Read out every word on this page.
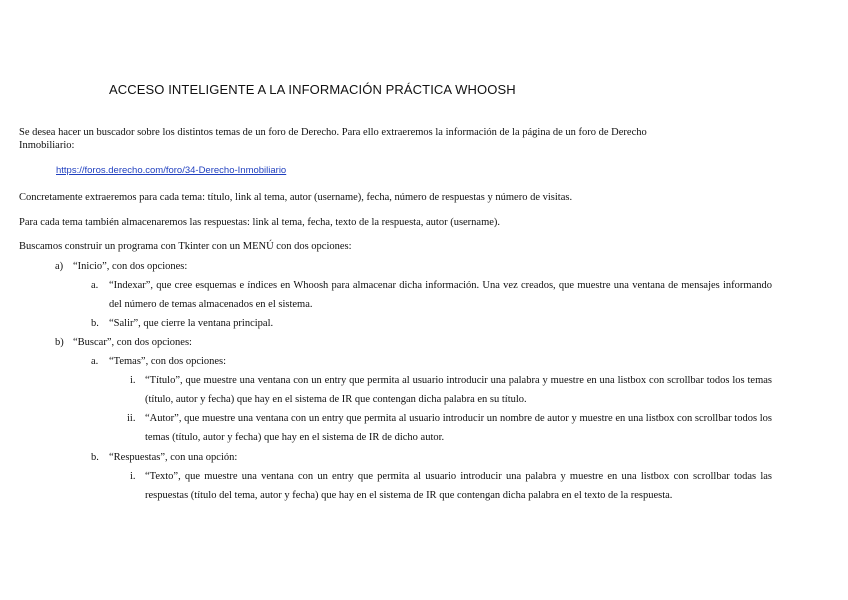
ACCESO INTELIGENTE A LA INFORMACIÓN PRÁCTICA WHOOSH
Se desea hacer un buscador sobre los distintos temas de un foro de Derecho. Para ello extraeremos la información de la página de un foro de Derecho
Inmobiliario:
https://foros.derecho.com/foro/34-Derecho-Inmobiliario
Concretamente extraeremos para cada tema: título, link al tema, autor (username), fecha, número de respuestas y número de visitas.
Para cada tema también almacenaremos las respuestas: link al tema, fecha, texto de la respuesta, autor (username).
Buscamos construir un programa con Tkinter con un MENÚ con dos opciones:
a) “Inicio”, con dos opciones:
a. “Indexar”, que cree esquemas e índices en Whoosh para almacenar dicha información. Una vez creados, que muestre una ventana de mensajes informando del número de temas almacenados en el sistema.
b. “Salir”, que cierre la ventana principal.
b) “Buscar”, con dos opciones:
a. “Temas”, con dos opciones:
i. “Título”, que muestre una ventana con un entry que permita al usuario introducir una palabra y muestre en una listbox con scrollbar todos los temas (título, autor y fecha) que hay en el sistema de IR que contengan dicha palabra en su título.
ii. “Autor”, que muestre una ventana con un entry que permita al usuario introducir un nombre de autor y muestre en una listbox con scrollbar todos los temas (título, autor y fecha) que hay en el sistema de IR de dicho autor.
b. “Respuestas”, con una opción:
i. “Texto”, que muestre una ventana con un entry que permita al usuario introducir una palabra y muestre en una listbox con scrollbar todas las respuestas (título del tema, autor y fecha) que hay en el sistema de IR que contengan dicha palabra en el texto de la respuesta.
